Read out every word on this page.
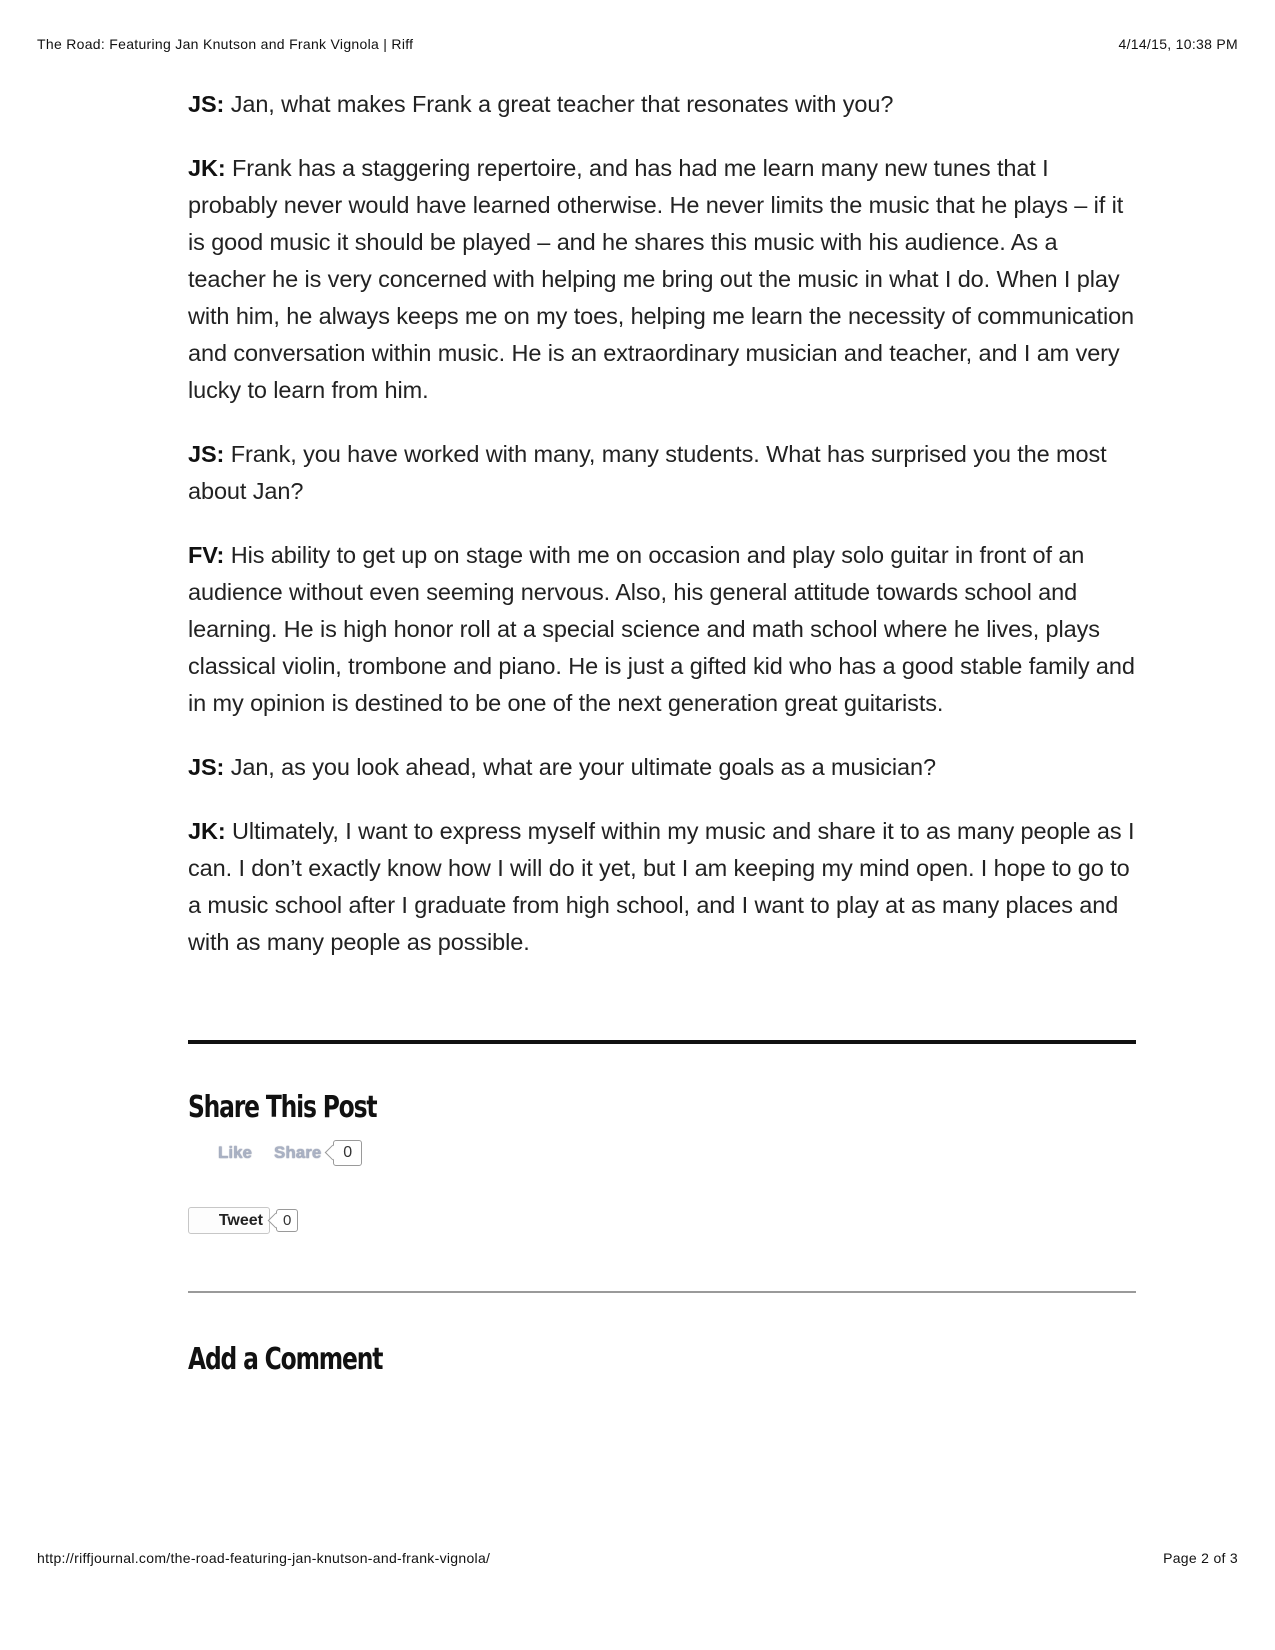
The Road: Featuring Jan Knutson and Frank Vignola | Riff	4/14/15, 10:38 PM

JS: Jan, what makes Frank a great teacher that resonates with you?

JK: Frank has a staggering repertoire, and has had me learn many new tunes that I probably never would have learned otherwise. He never limits the music that he plays – if it is good music it should be played – and he shares this music with his audience. As a teacher he is very concerned with helping me bring out the music in what I do. When I play with him, he always keeps me on my toes, helping me learn the necessity of communication and conversation within music. He is an extraordinary musician and teacher, and I am very lucky to learn from him.

JS: Frank, you have worked with many, many students. What has surprised you the most about Jan?

FV: His ability to get up on stage with me on occasion and play solo guitar in front of an audience without even seeming nervous. Also, his general attitude towards school and learning. He is high honor roll at a special science and math school where he lives, plays classical violin, trombone and piano. He is just a gifted kid who has a good stable family and in my opinion is destined to be one of the next generation great guitarists.

JS: Jan, as you look ahead, what are your ultimate goals as a musician?

JK: Ultimately, I want to express myself within my music and share it to as many people as I can. I don’t exactly know how I will do it yet, but I am keeping my mind open. I hope to go to a music school after I graduate from high school, and I want to play at as many places and with as many people as possible.

Share This Post
Like Share	0
Tweet	0
Add a Comment
http://riffjournal.com/the-road-featuring-jan-knutson-and-frank-vignola/	Page 2 of 3
